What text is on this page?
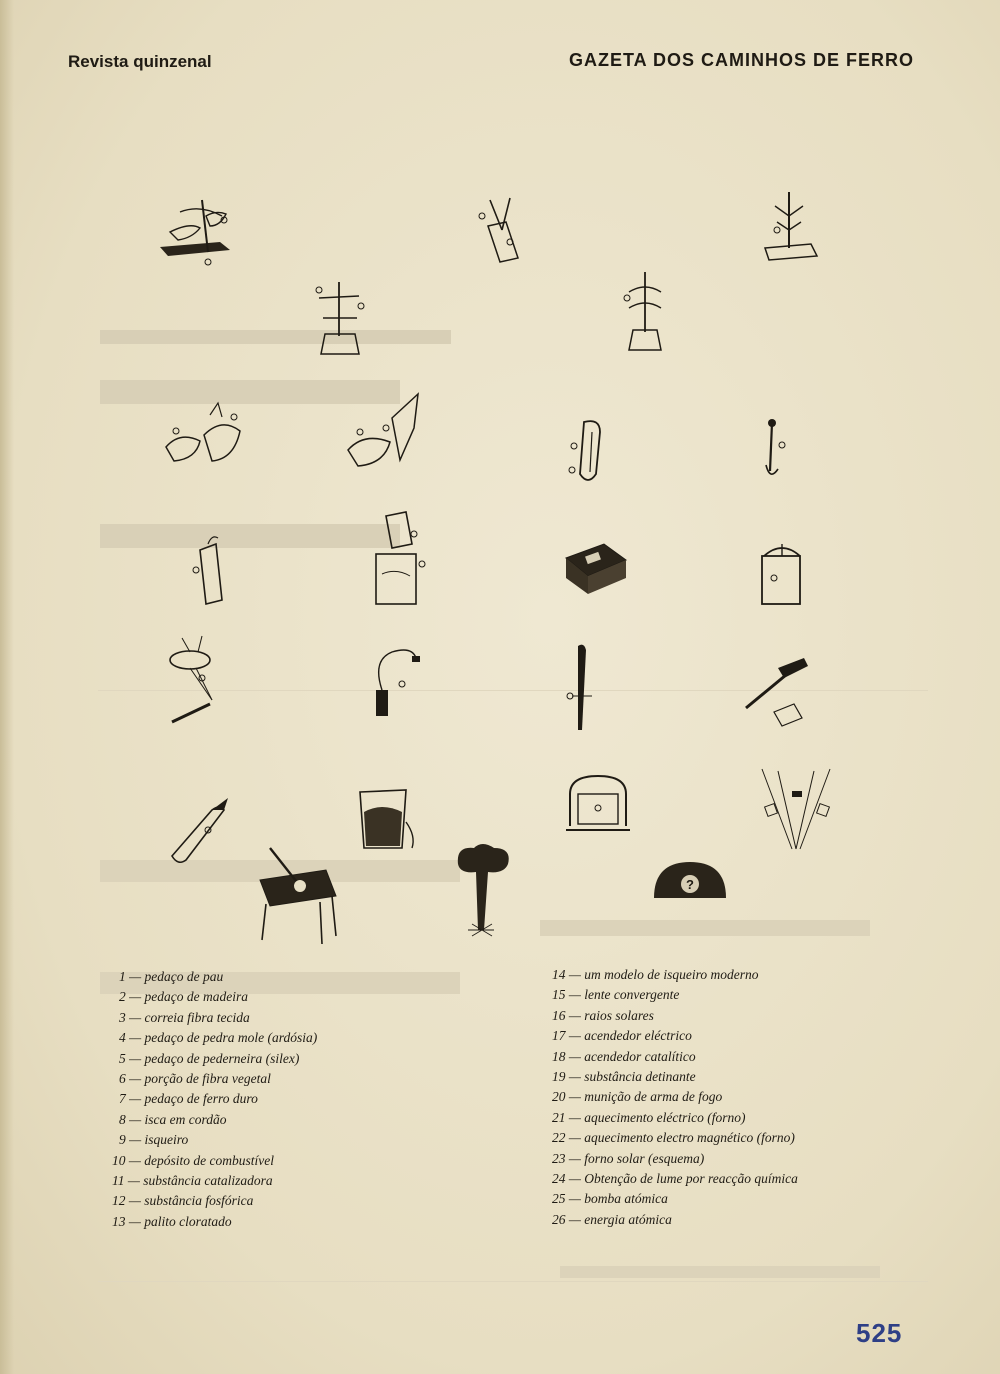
Revista quinzenal	GAZETA DOS CAMINHOS DE FERRO
?
1 — pedaço de pau
2 — pedaço de madeira
3 — correia fibra tecida
4 — pedaço de pedra mole (ardósia)
5 — pedaço de pederneira (silex)
6 — porção de fibra vegetal
7 — pedaço de ferro duro
8 — isca em cordão
9 — isqueiro
10 — depósito de combustível
11 — substância catalizadora
12 — substância fosfórica
13 — palito cloratado
14 — um modelo de isqueiro moderno
15 — lente convergente
16 — raios solares
17 — acendedor eléctrico
18 — acendedor catalítico
19 — substância detinante
20 — munição de arma de fogo
21 — aquecimento eléctrico (forno)
22 — aquecimento electro magnético (forno)
23 — forno solar (esquema)
24 — Obtenção de lume por reacção química
25 — bomba atómica
26 — energia atómica
525
